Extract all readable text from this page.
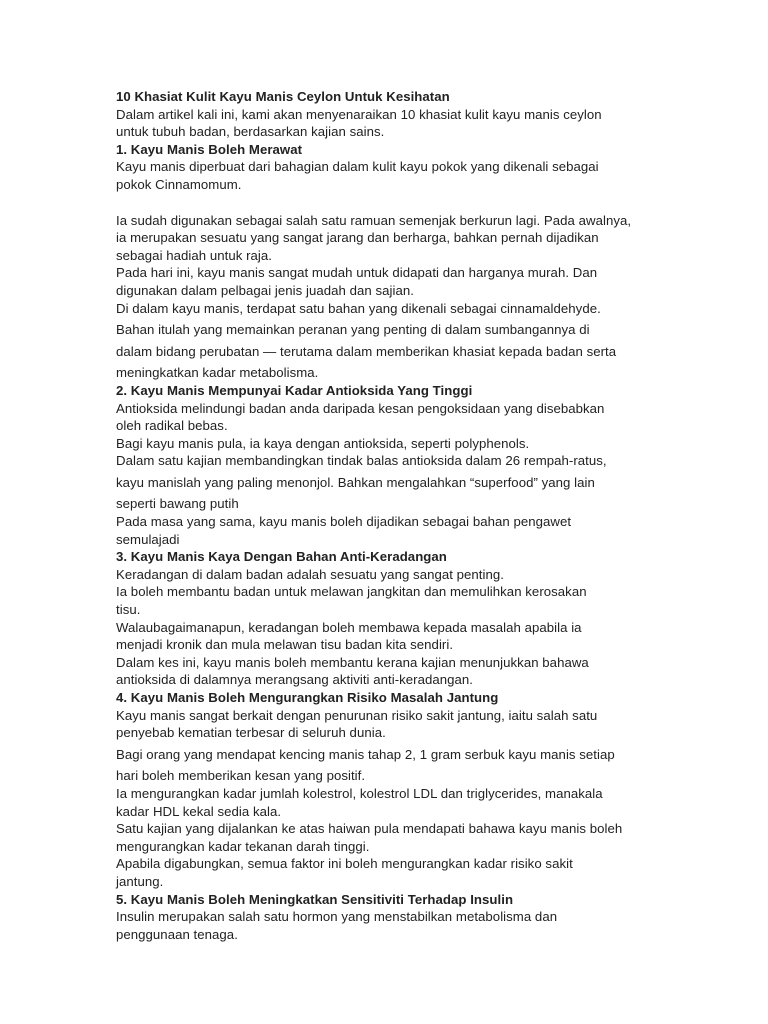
10 Khasiat Kulit Kayu Manis Ceylon Untuk Kesihatan
Dalam artikel kali ini, kami akan menyenaraikan 10 khasiat kulit kayu manis ceylon
untuk tubuh badan, berdasarkan kajian sains.
1. Kayu Manis Boleh Merawat
Kayu manis diperbuat dari bahagian dalam kulit kayu pokok yang dikenali sebagai
pokok Cinnamomum.
Ia sudah digunakan sebagai salah satu ramuan semenjak berkurun lagi. Pada awalnya,
ia merupakan sesuatu yang sangat jarang dan berharga, bahkan pernah dijadikan
sebagai hadiah untuk raja.
Pada hari ini, kayu manis sangat mudah untuk didapati dan harganya murah. Dan
digunakan dalam pelbagai jenis juadah dan sajian.
Di dalam kayu manis, terdapat satu bahan yang dikenali sebagai cinnamaldehyde.
Bahan itulah yang memainkan peranan yang penting di dalam sumbangannya di
dalam bidang perubatan — terutama dalam memberikan khasiat kepada badan serta
meningkatkan kadar metabolisma.
2. Kayu Manis Mempunyai Kadar Antioksida Yang Tinggi
Antioksida melindungi badan anda daripada kesan pengoksidaan yang disebabkan
oleh radikal bebas.
Bagi kayu manis pula, ia kaya dengan antioksida, seperti polyphenols.
Dalam satu kajian membandingkan tindak balas antioksida dalam 26 rempah-ratus,
kayu manislah yang paling menonjol. Bahkan mengalahkan “superfood” yang lain
seperti bawang putih
Pada masa yang sama, kayu manis boleh dijadikan sebagai bahan pengawet
semulajadi
3. Kayu Manis Kaya Dengan Bahan Anti-Keradangan
Keradangan di dalam badan adalah sesuatu yang sangat penting.
Ia boleh membantu badan untuk melawan jangkitan dan memulihkan kerosakan
tisu.
Walaubagaimanapun, keradangan boleh membawa kepada masalah apabila ia
menjadi kronik dan mula melawan tisu badan kita sendiri.
Dalam kes ini, kayu manis boleh membantu kerana kajian menunjukkan bahawa
antioksida di dalamnya merangsang aktiviti anti-keradangan.
4. Kayu Manis Boleh Mengurangkan Risiko Masalah Jantung
Kayu manis sangat berkait dengan penurunan risiko sakit jantung, iaitu salah satu
penyebab kematian terbesar di seluruh dunia.
Bagi orang yang mendapat kencing manis tahap 2, 1 gram serbuk kayu manis setiap
hari boleh memberikan kesan yang positif.
Ia mengurangkan kadar jumlah kolestrol, kolestrol LDL dan triglycerides, manakala
kadar HDL kekal sedia kala.
Satu kajian yang dijalankan ke atas haiwan pula mendapati bahawa kayu manis boleh
mengurangkan kadar tekanan darah tinggi.
Apabila digabungkan, semua faktor ini boleh mengurangkan kadar risiko sakit
jantung.
5. Kayu Manis Boleh Meningkatkan Sensitiviti Terhadap Insulin
Insulin merupakan salah satu hormon yang menstabilkan metabolisma dan
penggunaan tenaga.
